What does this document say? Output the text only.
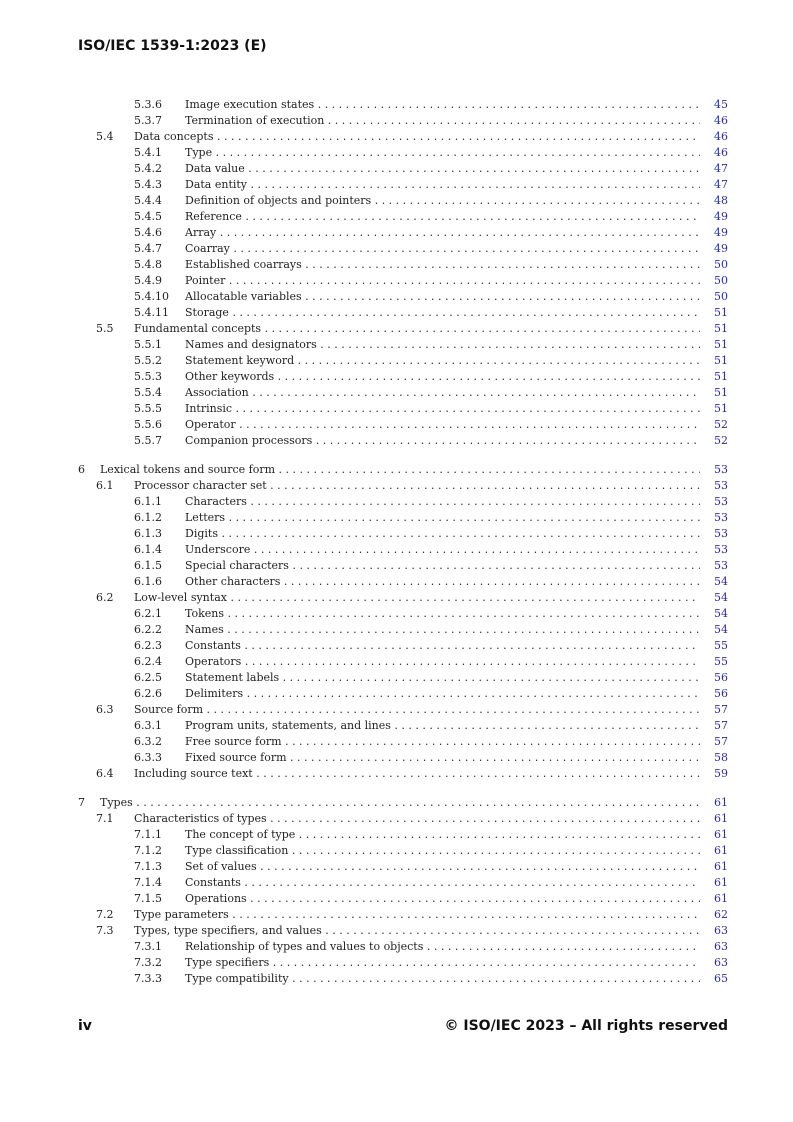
ISO/IEC 1539-1:2023 (E)
5.3.6 Image execution states . . .	45
5.3.7 Termination of execution . . .	46
5.4 Data concepts . . .	46
5.4.1 Type . . .	46
5.4.2 Data value . . .	47
5.4.3 Data entity . . .	47
5.4.4 Definition of objects and pointers . . .	48
5.4.5 Reference . . .	49
5.4.6 Array . . .	49
5.4.7 Coarray . . .	49
5.4.8 Established coarrays . . .	50
5.4.9 Pointer . . .	50
5.4.10 Allocatable variables . . .	50
5.4.11 Storage . . .	51
5.5 Fundamental concepts . . .	51
5.5.1 Names and designators . . .	51
5.5.2 Statement keyword . . .	51
5.5.3 Other keywords . . .	51
5.5.4 Association . . .	51
5.5.5 Intrinsic . . .	51
5.5.6 Operator . . .	52
5.5.7 Companion processors . . .	52
6 Lexical tokens and source form . . .	53
6.1 Processor character set . . .	53
6.1.1 Characters . . .	53
6.1.2 Letters . . .	53
6.1.3 Digits . . .	53
6.1.4 Underscore . . .	53
6.1.5 Special characters . . .	53
6.1.6 Other characters . . .	54
6.2 Low-level syntax . . .	54
6.2.1 Tokens . . .	54
6.2.2 Names . . .	54
6.2.3 Constants . . .	55
6.2.4 Operators . . .	55
6.2.5 Statement labels . . .	56
6.2.6 Delimiters . . .	56
6.3 Source form . . .	57
6.3.1 Program units, statements, and lines . . .	57
6.3.2 Free source form . . .	57
6.3.3 Fixed source form . . .	58
6.4 Including source text . . .	59
7 Types . . .	61
7.1 Characteristics of types . . .	61
7.1.1 The concept of type . . .	61
7.1.2 Type classification . . .	61
7.1.3 Set of values . . .	61
7.1.4 Constants . . .	61
7.1.5 Operations . . .	61
7.2 Type parameters . . .	62
7.3 Types, type specifiers, and values . . .	63
7.3.1 Relationship of types and values to objects . . .	63
7.3.2 Type specifiers . . .	63
7.3.3 Type compatibility . . .	65
iv	© ISO/IEC 2023 – All rights reserved
